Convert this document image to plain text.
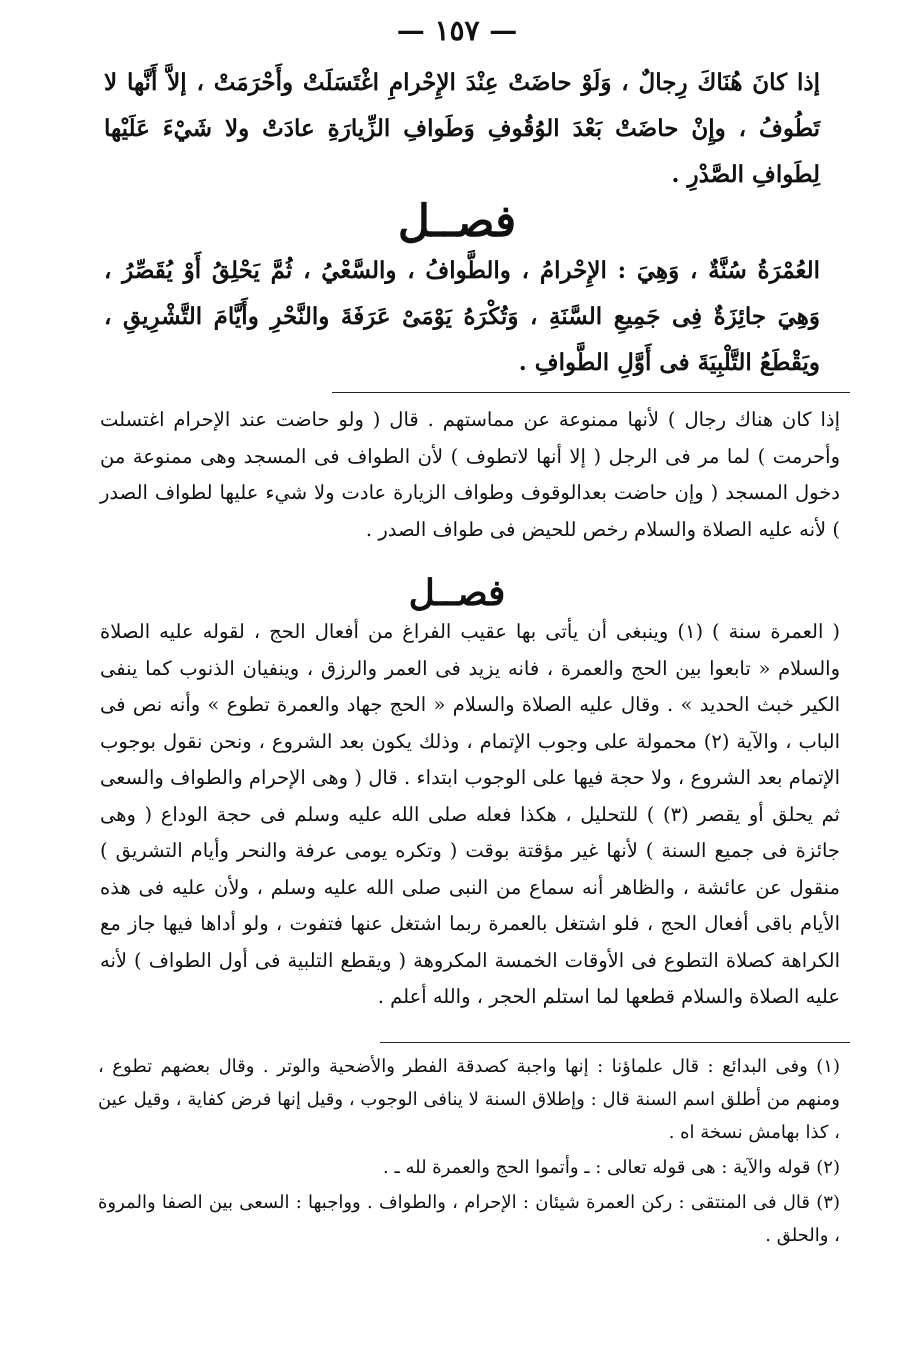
— ١٥٧ —

إذا كانَ هُنَاكَ رِجالٌ ، وَلَوْ حاضَتْ عِنْدَ الإِحْرامِ اغْتَسَلَتْ وأَحْرَمَتْ ، إلاَّ أَنَّها لا تَطُوفُ ، وإِنْ حاضَتْ بَعْدَ الوُقُوفِ وَطَوافِ الزِّيارَةِ عادَتْ ولا شَيْءَ عَلَيْها لِطَوافِ الصَّدْرِ .

فصــل

العُمْرَةُ سُنَّةٌ ، وَهِيَ : الإِحْرامُ ، والطَّوافُ ، والسَّعْيُ ، ثُمَّ يَحْلِقُ أَوْ يُقَصِّرُ ، وَهِيَ جائِزَةٌ فِى جَمِيعِ السَّنَةِ ، وَتُكْرَهُ يَوْمَىْ عَرَفَةَ والنَّحْرِ وأَيَّامَ التَّشْرِيقِ ، ويَقْطَعُ التَّلْبِيَةَ فى أَوَّلِ الطَّوافِ .

إذا كان هناك رجال ) لأنها ممنوعة عن مماستهم . قال ( ولو حاضت عند الإحرام اغتسلت وأحرمت ) لما مر فى الرجل ( إلا أنها لاتطوف ) لأن الطواف فى المسجد وهى ممنوعة من دخول المسجد ( وإن حاضت بعدالوقوف وطواف الزيارة عادت ولا شيء عليها لطواف الصدر ) لأنه عليه الصلاة والسلام رخص للحيض فى طواف الصدر .

فصــل

( العمرة سنة ) (١) وينبغى أن يأتى بها عقيب الفراغ من أفعال الحج ، لقوله عليه الصلاة والسلام « تابعوا بين الحج والعمرة ، فانه يزيد فى العمر والرزق ، وينفيان الذنوب كما ينفى الكير خبث الحديد » . وقال عليه الصلاة والسلام « الحج جهاد والعمرة تطوع » وأنه نص فى الباب ، والآية (٢) محمولة على وجوب الإتمام ، وذلك يكون بعد الشروع ، ونحن نقول بوجوب الإتمام بعد الشروع ، ولا حجة فيها على الوجوب ابتداء . قال ( وهى الإحرام والطواف والسعى ثم يحلق أو يقصر (٣) ) للتحليل ، هكذا فعله صلى الله عليه وسلم فى حجة الوداع ( وهى جائزة فى جميع السنة ) لأنها غير مؤقتة بوقت ( وتكره يومى عرفة والنحر وأيام التشريق ) منقول عن عائشة ، والظاهر أنه سماع من النبى صلى الله عليه وسلم ، ولأن عليه فى هذه الأيام باقى أفعال الحج ، فلو اشتغل بالعمرة ربما اشتغل عنها فتفوت ، ولو أداها فيها جاز مع الكراهة كصلاة التطوع فى الأوقات الخمسة المكروهة ( ويقطع التلبية فى أول الطواف ) لأنه عليه الصلاة والسلام قطعها لما استلم الحجر ، والله أعلم .

(١) وفى البدائع : قال علماؤنا : إنها واجبة كصدقة الفطر والأضحية والوتر . وقال بعضهم تطوع ، ومنهم من أطلق اسم السنة قال : وإطلاق السنة لا ينافى الوجوب ، وقيل إنها فرض كفاية ، وقيل عين ، كذا بهامش نسخة اه .

(٢) قوله والآية : هى قوله تعالى : ـ وأتموا الحج والعمرة لله ـ .

(٣) قال فى المنتقى : ركن العمرة شيئان : الإحرام ، والطواف . وواجبها : السعى بين الصفا والمروة ، والحلق .
